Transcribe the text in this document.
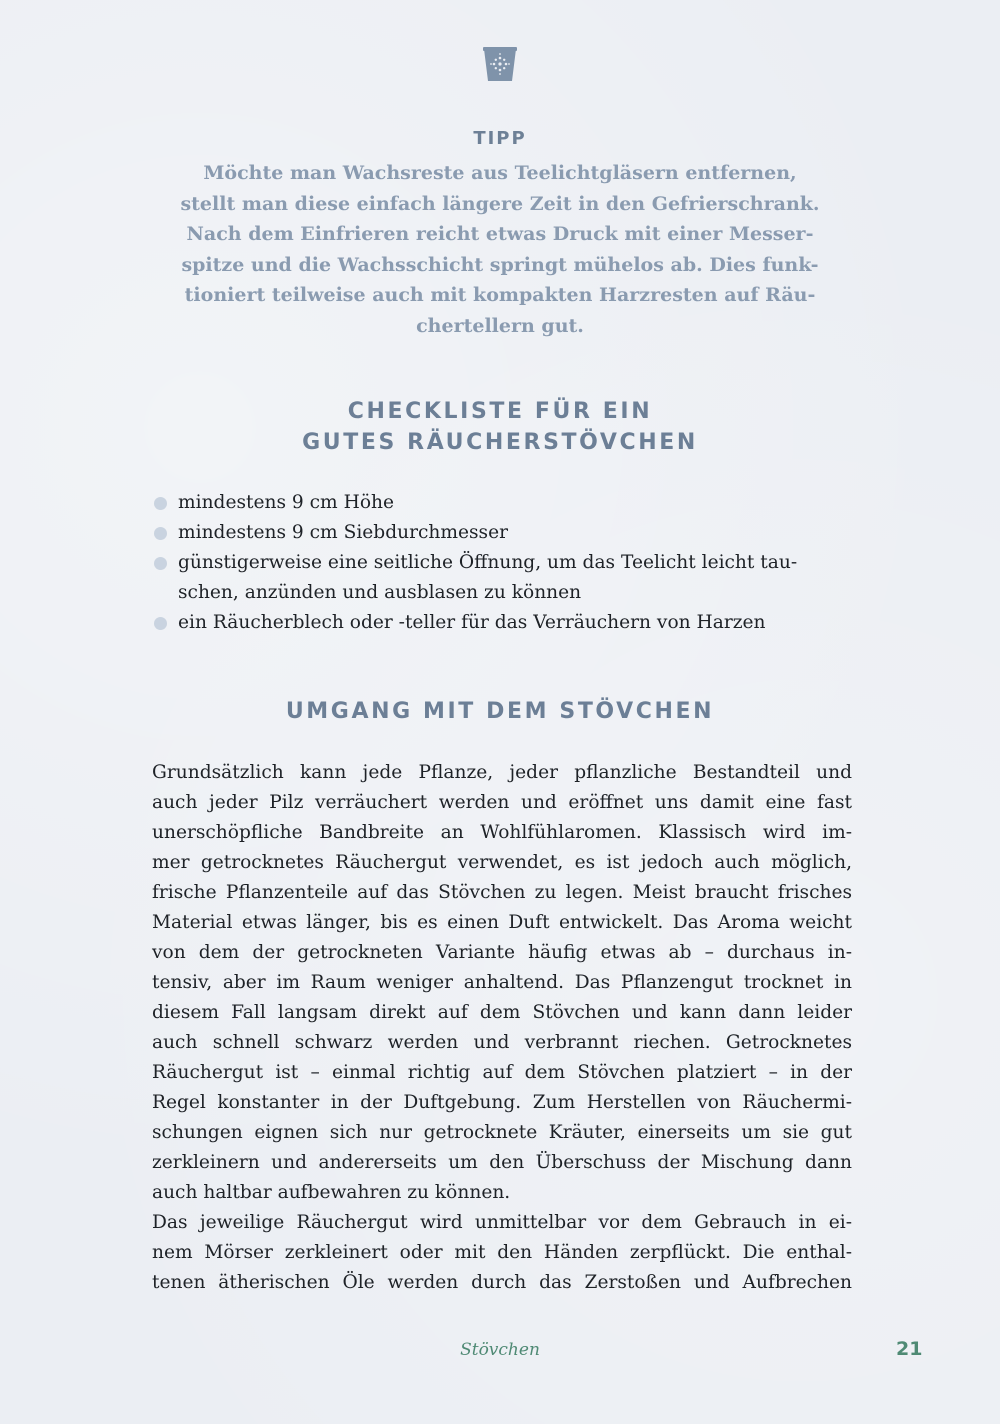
TIPP
Möchte man Wachsreste aus Teelichtgläsern entfernen,
stellt man diese einfach längere Zeit in den Gefrierschrank.
Nach dem Einfrieren reicht etwas Druck mit einer Messer-
spitze und die Wachsschicht springt mühelos ab. Dies funk-
tioniert teilweise auch mit kompakten Harzresten auf Räu-
chertellern gut.
CHECKLISTE FÜR EIN
GUTES RÄUCHERSTÖVCHEN
mindestens 9 cm Höhe
mindestens 9 cm Siebdurchmesser
günstigerweise eine seitliche Öffnung, um das Teelicht leicht tau-
schen, anzünden und ausblasen zu können
ein Räucherblech oder -teller für das Verräuchern von Harzen
UMGANG MIT DEM STÖVCHEN
Grundsätzlich kann jede Pflanze, jeder pflanzliche Bestandteil und
auch jeder Pilz verräuchert werden und eröffnet uns damit eine fast
unerschöpfliche Bandbreite an Wohlfühlaromen. Klassisch wird im-
mer getrocknetes Räuchergut verwendet, es ist jedoch auch möglich,
frische Pflanzenteile auf das Stövchen zu legen. Meist braucht frisches
Material etwas länger, bis es einen Duft entwickelt. Das Aroma weicht
von dem der getrockneten Variante häufig etwas ab – durchaus in-
tensiv, aber im Raum weniger anhaltend. Das Pflanzengut trocknet in
diesem Fall langsam direkt auf dem Stövchen und kann dann leider
auch schnell schwarz werden und verbrannt riechen. Getrocknetes
Räuchergut ist – einmal richtig auf dem Stövchen platziert – in der
Regel konstanter in der Duftgebung. Zum Herstellen von Räuchermi-
schungen eignen sich nur getrocknete Kräuter, einerseits um sie gut
zerkleinern und andererseits um den Überschuss der Mischung dann
auch haltbar aufbewahren zu können.
Das jeweilige Räuchergut wird unmittelbar vor dem Gebrauch in ei-
nem Mörser zerkleinert oder mit den Händen zerpflückt. Die enthal-
tenen ätherischen Öle werden durch das Zerstoßen und Aufbrechen
Stövchen	21
